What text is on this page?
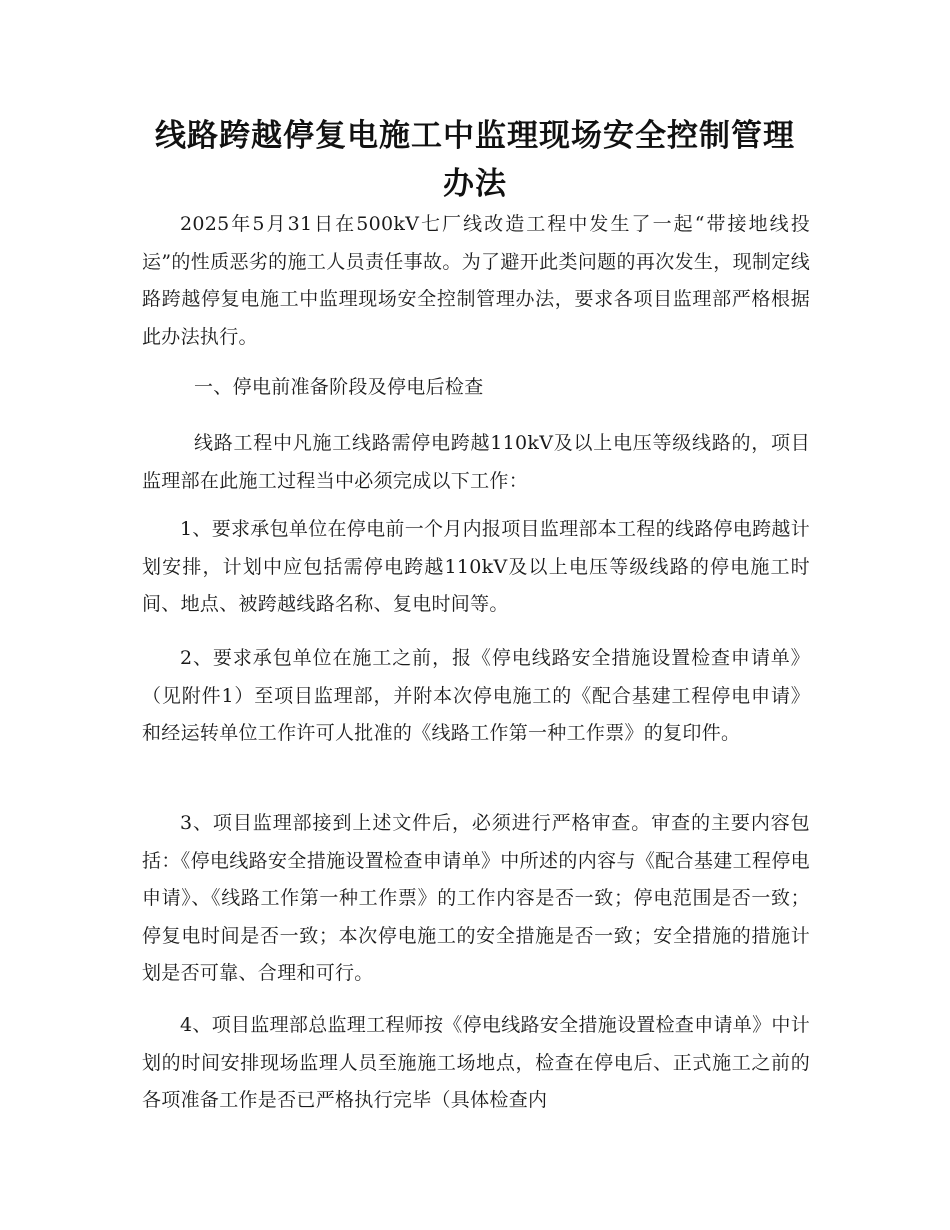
线路跨越停复电施工中监理现场安全控制管理办法

2025年5月31日在500kV七厂线改造工程中发生了一起“带接地线投运”的性质恶劣的施工人员责任事故。为了避开此类问题的再次发生，现制定线路跨越停复电施工中监理现场安全控制管理办法，要求各项目监理部严格根据此办法执行。

一、停电前准备阶段及停电后检查

线路工程中凡施工线路需停电跨越110kV及以上电压等级线路的，项目监理部在此施工过程当中必须完成以下工作：

1、要求承包单位在停电前一个月内报项目监理部本工程的线路停电跨越计划安排，计划中应包括需停电跨越110kV及以上电压等级线路的停电施工时间、地点、被跨越线路名称、复电时间等。

2、要求承包单位在施工之前，报《停电线路安全措施设置检查申请单》（见附件1）至项目监理部，并附本次停电施工的《配合基建工程停电申请》和经运转单位工作许可人批准的《线路工作第一种工作票》的复印件。

3、项目监理部接到上述文件后，必须进行严格审查。审查的主要内容包括：《停电线路安全措施设置检查申请单》中所述的内容与《配合基建工程停电申请》、《线路工作第一种工作票》的工作内容是否一致；停电范围是否一致；停复电时间是否一致；本次停电施工的安全措施是否一致；安全措施的措施计划是否可靠、合理和可行。

4、项目监理部总监理工程师按《停电线路安全措施设置检查申请单》中计划的时间安排现场监理人员至施施工场地点，检查在停电后、正式施工之前的各项准备工作是否已严格执行完毕（具体检查内
